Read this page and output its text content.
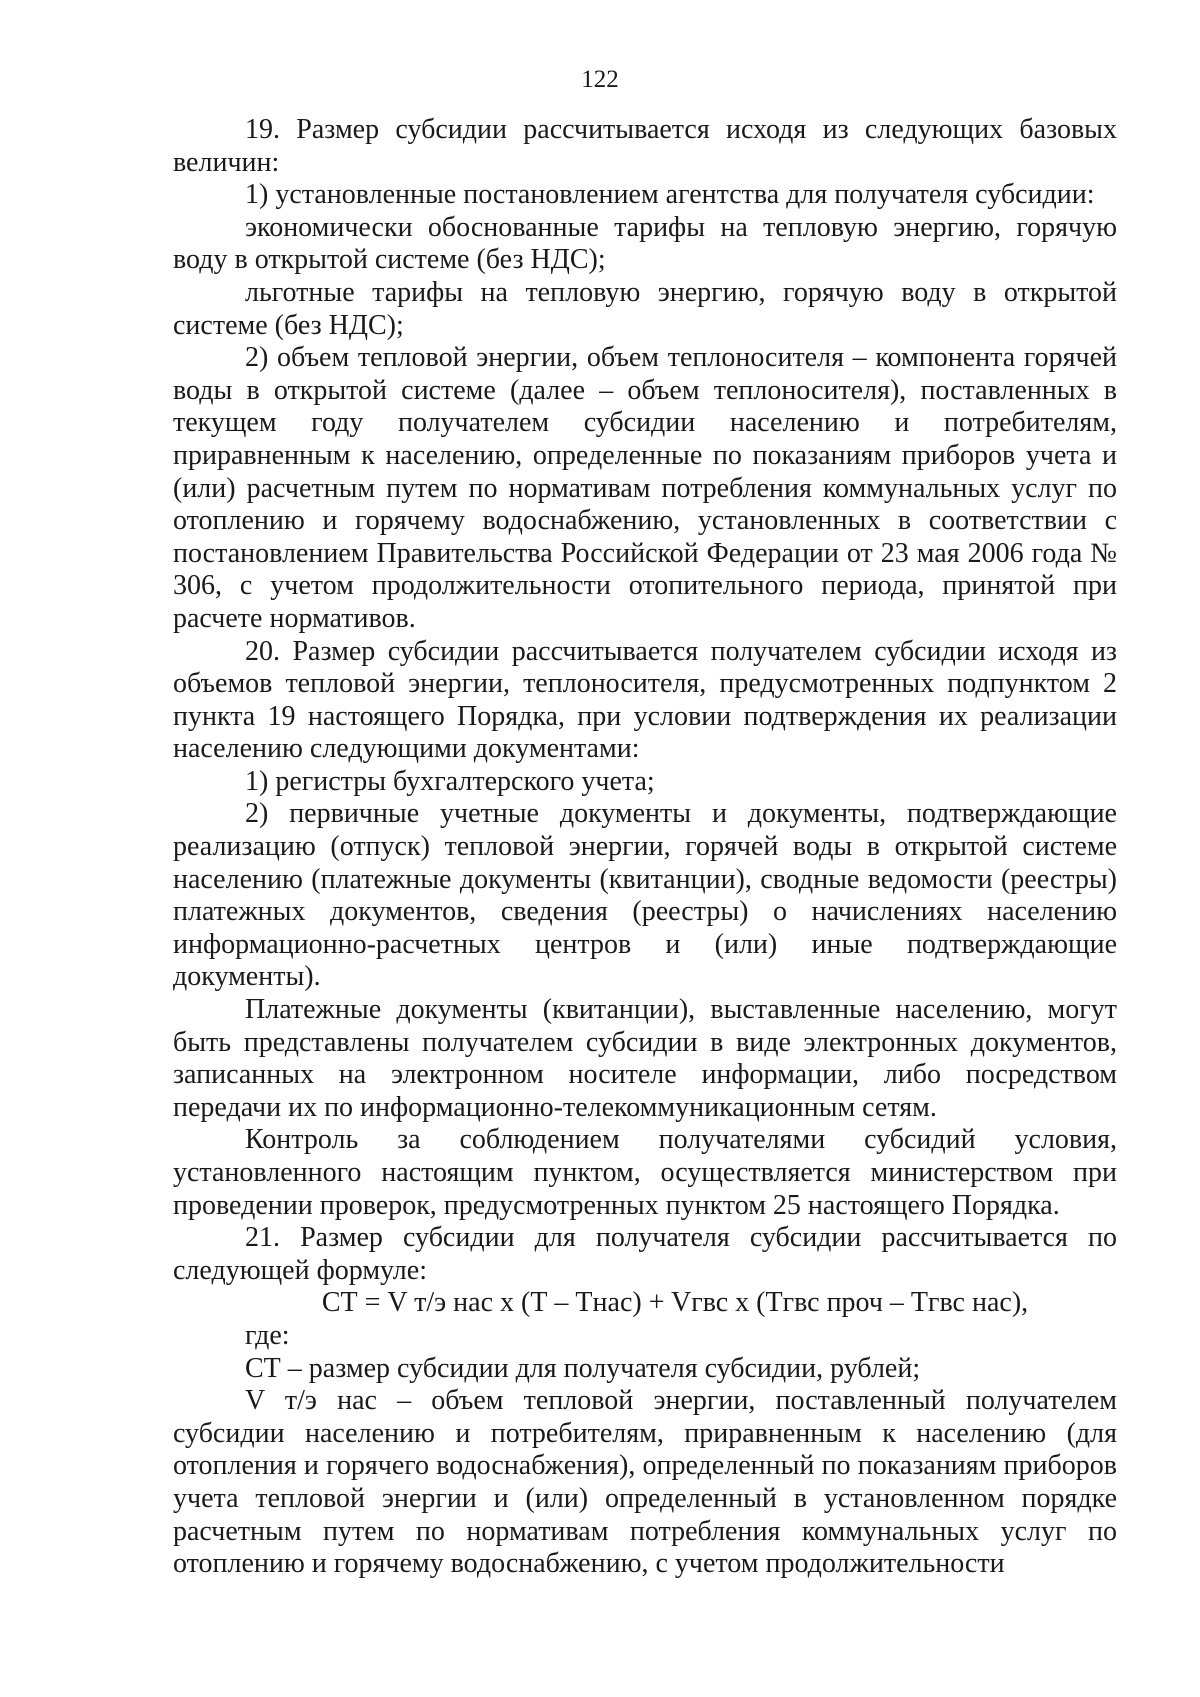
122

19. Размер субсидии рассчитывается исходя из следующих базовых величин:

1) установленные постановлением агентства для получателя субсидии:

экономически обоснованные тарифы на тепловую энергию, горячую воду в открытой системе (без НДС);

льготные тарифы на тепловую энергию, горячую воду в открытой системе (без НДС);

2) объем тепловой энергии, объем теплоносителя – компонента горячей воды в открытой системе (далее – объем теплоносителя), поставленных в текущем году получателем субсидии населению и потребителям, приравненным к населению, определенные по показаниям приборов учета и (или) расчетным путем по нормативам потребления коммунальных услуг по отоплению и горячему водоснабжению, установленных в соответствии с постановлением Правительства Российской Федерации от 23 мая 2006 года № 306, с учетом продолжительности отопительного периода, принятой при расчете нормативов.

20. Размер субсидии рассчитывается получателем субсидии исходя из объемов тепловой энергии, теплоносителя, предусмотренных подпунктом 2 пункта 19 настоящего Порядка, при условии подтверждения их реализации населению следующими документами:

1) регистры бухгалтерского учета;

2) первичные учетные документы и документы, подтверждающие реализацию (отпуск) тепловой энергии, горячей воды в открытой системе населению (платежные документы (квитанции), сводные ведомости (реестры) платежных документов, сведения (реестры) о начислениях населению информационно-расчетных центров и (или) иные подтверждающие документы).

Платежные документы (квитанции), выставленные населению, могут быть представлены получателем субсидии в виде электронных документов, записанных на электронном носителе информации, либо посредством передачи их по информационно-телекоммуникационным сетям.

Контроль за соблюдением получателями субсидий условия, установленного настоящим пунктом, осуществляется министерством при проведении проверок, предусмотренных пунктом 25 настоящего Порядка.

21. Размер субсидии для получателя субсидии рассчитывается по следующей формуле:

СТ = V т/э нас x (Т – Тнас) + Vгвс x (Тгвс проч – Тгвс нас),

где:

СТ – размер субсидии для получателя субсидии, рублей;

V т/э нас – объем тепловой энергии, поставленный получателем субсидии населению и потребителям, приравненным к населению (для отопления и горячего водоснабжения), определенный по показаниям приборов учета тепловой энергии и (или) определенный в установленном порядке расчетным путем по нормативам потребления коммунальных услуг по отоплению и горячему водоснабжению, с учетом продолжительности
